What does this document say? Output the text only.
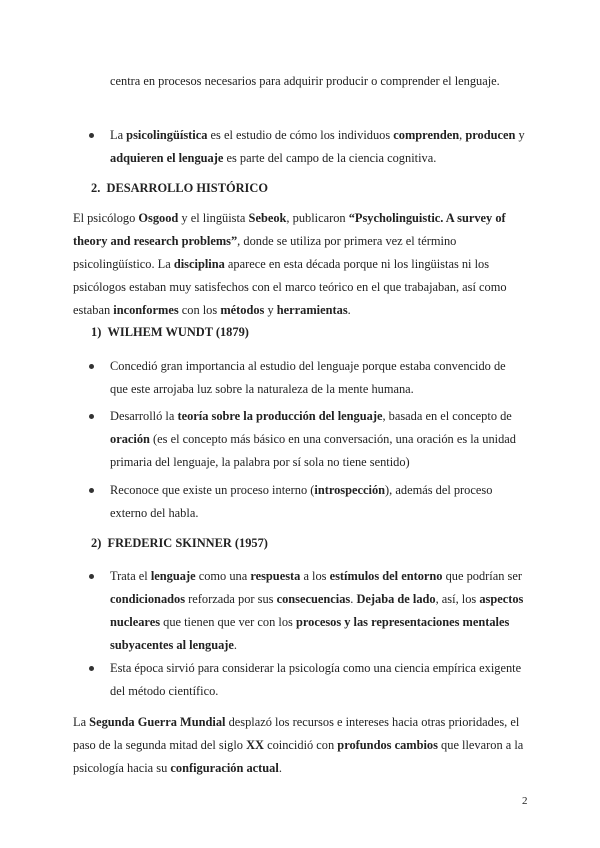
centra en procesos necesarios para adquirir producir o comprender el lenguaje.

La psicolingüística es el estudio de cómo los individuos comprenden, producen y adquieren el lenguaje es parte del campo de la ciencia cognitiva.

2. DESARROLLO HISTÓRICO

El psicólogo Osgood y el lingüista Sebeok, publicaron “Psycholinguistic. A survey of theory and research problems”, donde se utiliza por primera vez el término psicolingüístico. La disciplina aparece en esta década porque ni los lingüistas ni los psicólogos estaban muy satisfechos con el marco teórico en el que trabajaban, así como estaban inconformes con los métodos y herramientas.

1) WILHEM WUNDT (1879)

Concedió gran importancia al estudio del lenguaje porque estaba convencido de que este arrojaba luz sobre la naturaleza de la mente humana.

Desarrolló la teoría sobre la producción del lenguaje, basada en el concepto de oración (es el concepto más básico en una conversación, una oración es la unidad primaria del lenguaje, la palabra por sí sola no tiene sentido)

Reconoce que existe un proceso interno (introspección), además del proceso externo del habla.

2) FREDERIC SKINNER (1957)

Trata el lenguaje como una respuesta a los estímulos del entorno que podrían ser condicionados reforzada por sus consecuencias. Dejaba de lado, así, los aspectos nucleares que tienen que ver con los procesos y las representaciones mentales subyacentes al lenguaje.

Esta época sirvió para considerar la psicología como una ciencia empírica exigente del método científico.

La Segunda Guerra Mundial desplazó los recursos e intereses hacia otras prioridades, el paso de la segunda mitad del siglo XX coincidió con profundos cambios que llevaron a la psicología hacia su configuración actual.

2
